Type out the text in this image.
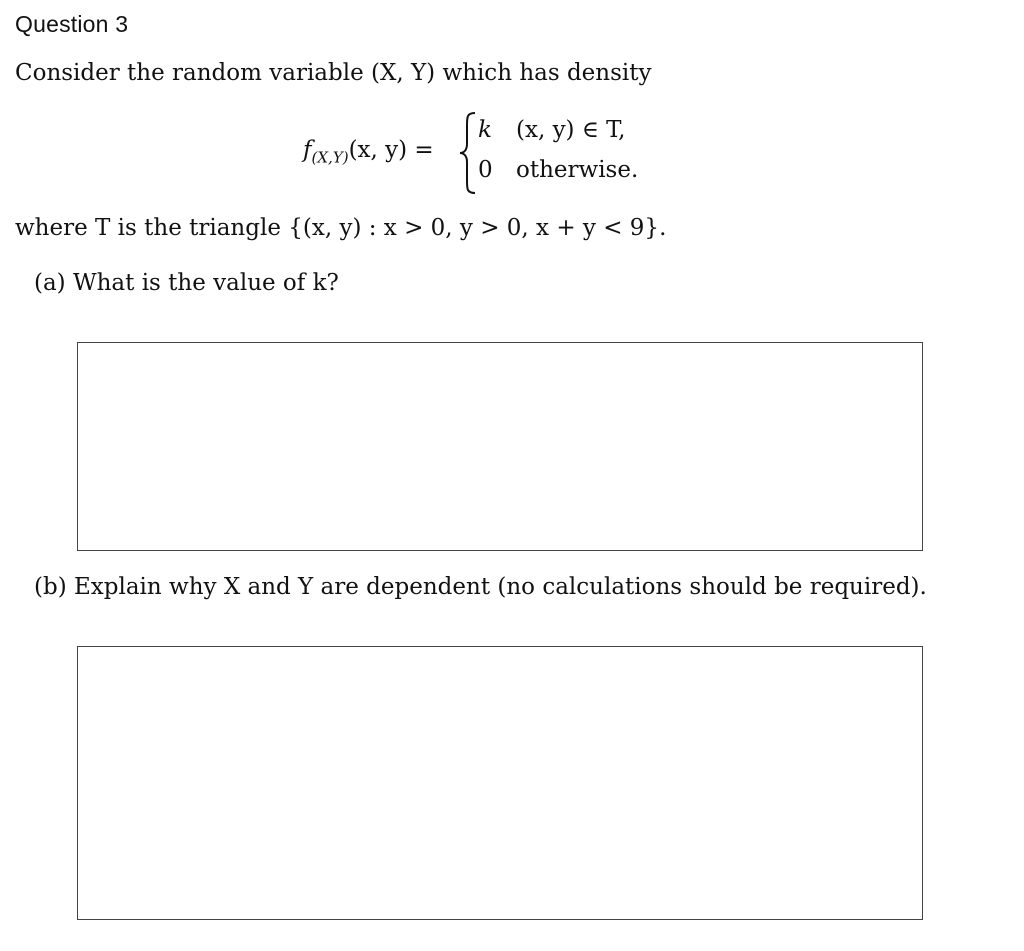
Question 3
Consider the random variable (X, Y) which has density
$f_{(X,Y)}(x$, y) =
k (x, y) ∈ T,
0 otherwise.
where T is the triangle {(x, y) : x > 0, y > 0, x + y < 9}.
(a) What is the value of k?
(b) Explain why X and Y are dependent (no calculations should be required).
